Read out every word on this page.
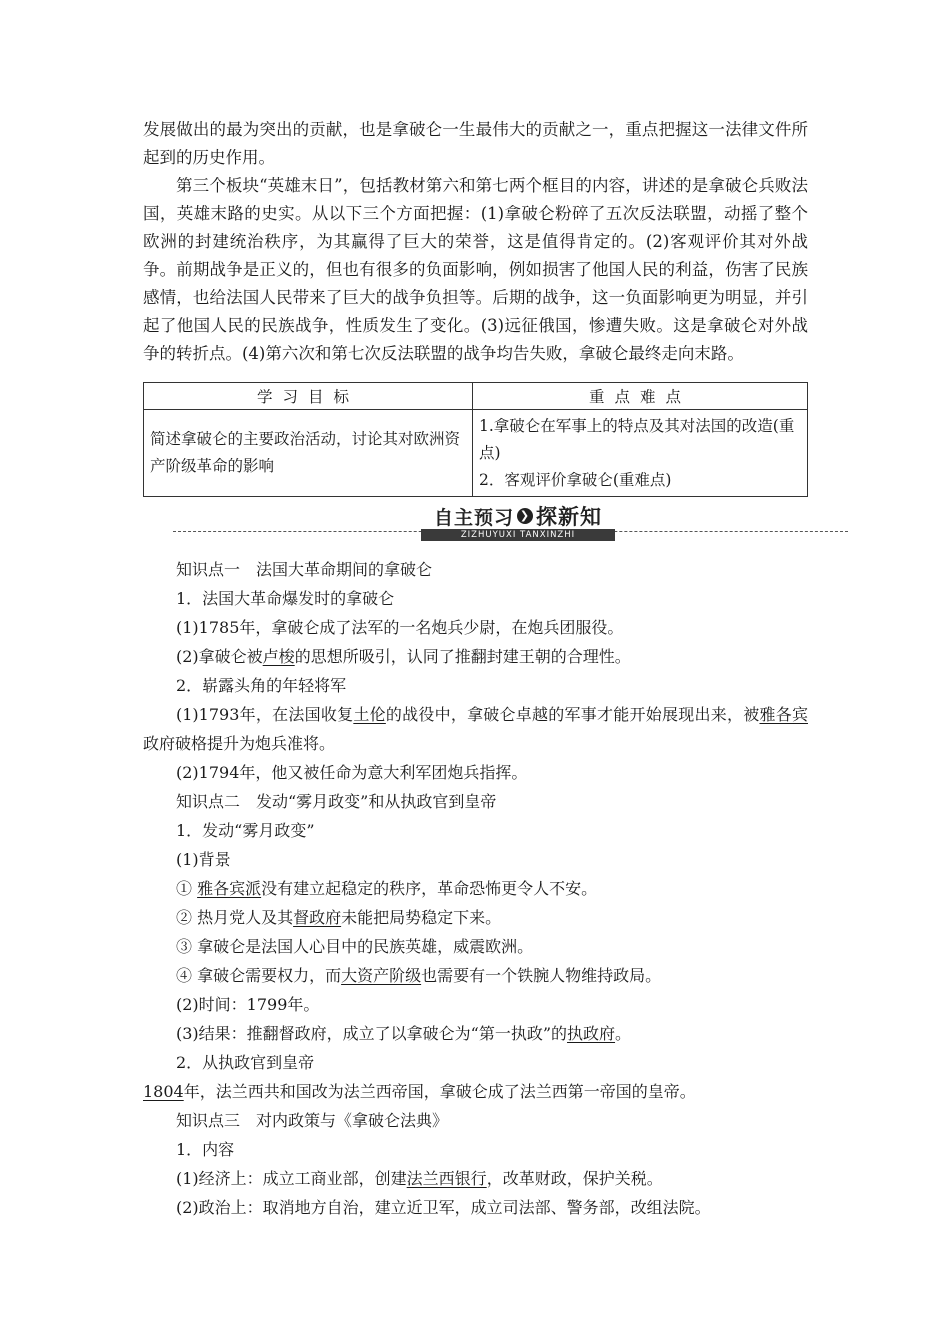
发展做出的最为突出的贡献，也是拿破仑一生最伟大的贡献之一，重点把握这一法律文件所起到的历史作用。

第三个板块“英雄末日”，包括教材第六和第七两个框目的内容，讲述的是拿破仑兵败法国，英雄末路的史实。从以下三个方面把握：(1)拿破仑粉碎了五次反法联盟，动摇了整个欧洲的封建统治秩序，为其赢得了巨大的荣誉，这是值得肯定的。(2)客观评价其对外战争。前期战争是正义的，但也有很多的负面影响，例如损害了他国人民的利益，伤害了民族感情，也给法国人民带来了巨大的战争负担等。后期的战争，这一负面影响更为明显，并引起了他国人民的民族战争，性质发生了变化。(3)远征俄国，惨遭失败。这是拿破仑对外战争的转折点。(4)第六次和第七次反法联盟的战争均告失败，拿破仑最终走向末路。

学习目标	重点难点
简述拿破仑的主要政治活动，讨论其对欧洲资产阶级革命的影响	1.拿破仑在军事上的特点及其对法国的改造(重点)
2．客观评价拿破仑(重难点)
自主预习 ❯ 探新知
ZIZHUYUXI TANXINZHI

知识点一　法国大革命期间的拿破仑

1．法国大革命爆发时的拿破仑

(1)1785年，拿破仑成了法军的一名炮兵少尉，在炮兵团服役。

(2)拿破仑被卢梭的思想所吸引，认同了推翻封建王朝的合理性。

2．崭露头角的年轻将军

(1)1793年，在法国收复土伦的战役中，拿破仑卓越的军事才能开始展现出来，被雅各宾政府破格提升为炮兵准将。

(2)1794年，他又被任命为意大利军团炮兵指挥。

知识点二　发动“雾月政变”和从执政官到皇帝

1．发动“雾月政变”

(1)背景

① 雅各宾派没有建立起稳定的秩序，革命恐怖更令人不安。

② 热月党人及其督政府未能把局势稳定下来。

③ 拿破仑是法国人心目中的民族英雄，威震欧洲。

④ 拿破仑需要权力，而大资产阶级也需要有一个铁腕人物维持政局。

(2)时间：1799年。

(3)结果：推翻督政府，成立了以拿破仑为“第一执政”的执政府。

2．从执政官到皇帝

1804年，法兰西共和国改为法兰西帝国，拿破仑成了法兰西第一帝国的皇帝。

知识点三　对内政策与《拿破仑法典》

1．内容

(1)经济上：成立工商业部，创建法兰西银行，改革财政，保护关税。

(2)政治上：取消地方自治，建立近卫军，成立司法部、警务部，改组法院。
